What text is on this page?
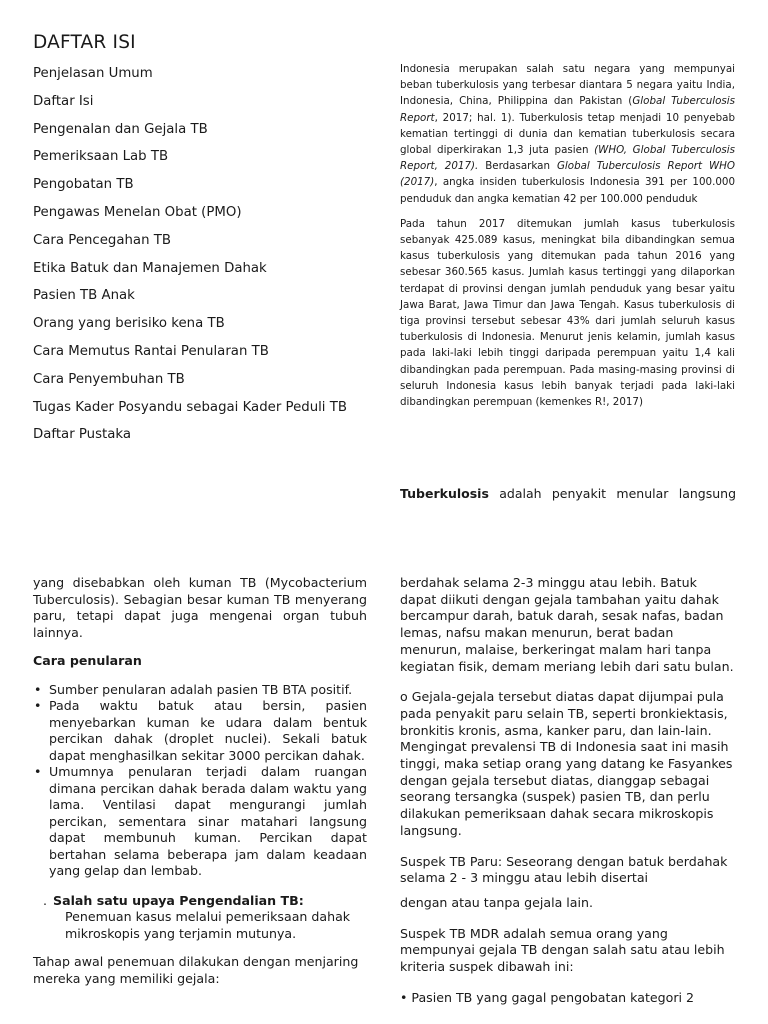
DAFTAR ISI
Penjelasan Umum
Daftar Isi
Pengenalan dan Gejala TB
Pemeriksaan Lab TB
Pengobatan TB
Pengawas Menelan Obat (PMO)
Cara Pencegahan TB
Etika Batuk dan Manajemen Dahak
Pasien TB Anak
Orang yang berisiko kena TB
Cara Memutus Rantai Penularan TB
Cara Penyembuhan TB
Tugas Kader Posyandu sebagai Kader Peduli TB
Daftar Pustaka

Indonesia merupakan salah satu negara yang mempunyai beban tuberkulosis yang terbesar diantara 5 negara yaitu India, Indonesia, China, Philippina dan Pakistan (Global Tuberculosis Report, 2017; hal. 1). Tuberkulosis tetap menjadi 10 penyebab kematian tertinggi di dunia dan kematian tuberkulosis secara global diperkirakan 1,3 juta pasien (WHO, Global Tuberculosis Report, 2017). Berdasarkan Global Tuberculosis Report WHO (2017), angka insiden tuberkulosis Indonesia 391 per 100.000 penduduk dan angka kematian 42 per 100.000 penduduk

Pada tahun 2017 ditemukan jumlah kasus tuberkulosis sebanyak 425.089 kasus, meningkat bila dibandingkan semua kasus tuberkulosis yang ditemukan pada tahun 2016 yang sebesar 360.565 kasus. Jumlah kasus tertinggi yang dilaporkan terdapat di provinsi dengan jumlah penduduk yang besar yaitu Jawa Barat, Jawa Timur dan Jawa Tengah. Kasus tuberkulosis di tiga provinsi tersebut sebesar 43% dari jumlah seluruh kasus tuberkulosis di Indonesia. Menurut jenis kelamin, jumlah kasus pada laki-laki lebih tinggi daripada perempuan yaitu 1,4 kali dibandingkan pada perempuan. Pada masing-masing provinsi di seluruh Indonesia kasus lebih banyak terjadi pada laki-laki dibandingkan perempuan (kemenkes R!, 2017)

Tuberkulosis adalah penyakit menular langsung

yang disebabkan oleh kuman TB (Mycobacterium Tuberculosis). Sebagian besar kuman TB menyerang paru, tetapi dapat juga mengenai organ tubuh lainnya.

Cara penularan

• Sumber penularan adalah pasien TB BTA positif.
• Pada waktu batuk atau bersin, pasien menyebarkan kuman ke udara dalam bentuk percikan dahak (droplet nuclei). Sekali batuk dapat menghasilkan sekitar 3000 percikan dahak.
• Umumnya penularan terjadi dalam ruangan dimana percikan dahak berada dalam waktu yang lama. Ventilasi dapat mengurangi jumlah percikan, sementara sinar matahari langsung dapat membunuh kuman. Percikan dapat bertahan selama beberapa jam dalam keadaan yang gelap dan lembab.

. Salah satu upaya Pengendalian TB: Penemuan kasus melalui pemeriksaan dahak mikroskopis yang terjamin mutunya.

Tahap awal penemuan dilakukan dengan menjaring mereka yang memiliki gejala:

berdahak selama 2-3 minggu atau lebih. Batuk dapat diikuti dengan gejala tambahan yaitu dahak bercampur darah, batuk darah, sesak nafas, badan lemas, nafsu makan menurun, berat badan menurun, malaise, berkeringat malam hari tanpa kegiatan fisik, demam meriang lebih dari satu bulan.

o Gejala-gejala tersebut diatas dapat dijumpai pula pada penyakit paru selain TB, seperti bronkiektasis, bronkitis kronis, asma, kanker paru, dan lain-lain. Mengingat prevalensi TB di Indonesia saat ini masih tinggi, maka setiap orang yang datang ke Fasyankes dengan gejala tersebut diatas, dianggap sebagai seorang tersangka (suspek) pasien TB, dan perlu dilakukan pemeriksaan dahak secara mikroskopis langsung.

Suspek TB Paru: Seseorang dengan batuk berdahak selama 2 - 3 minggu atau lebih disertai

dengan atau tanpa gejala lain.

Suspek TB MDR adalah semua orang yang mempunyai gejala TB dengan salah satu atau lebih kriteria suspek dibawah ini:

• Pasien TB yang gagal pengobatan kategori 2
